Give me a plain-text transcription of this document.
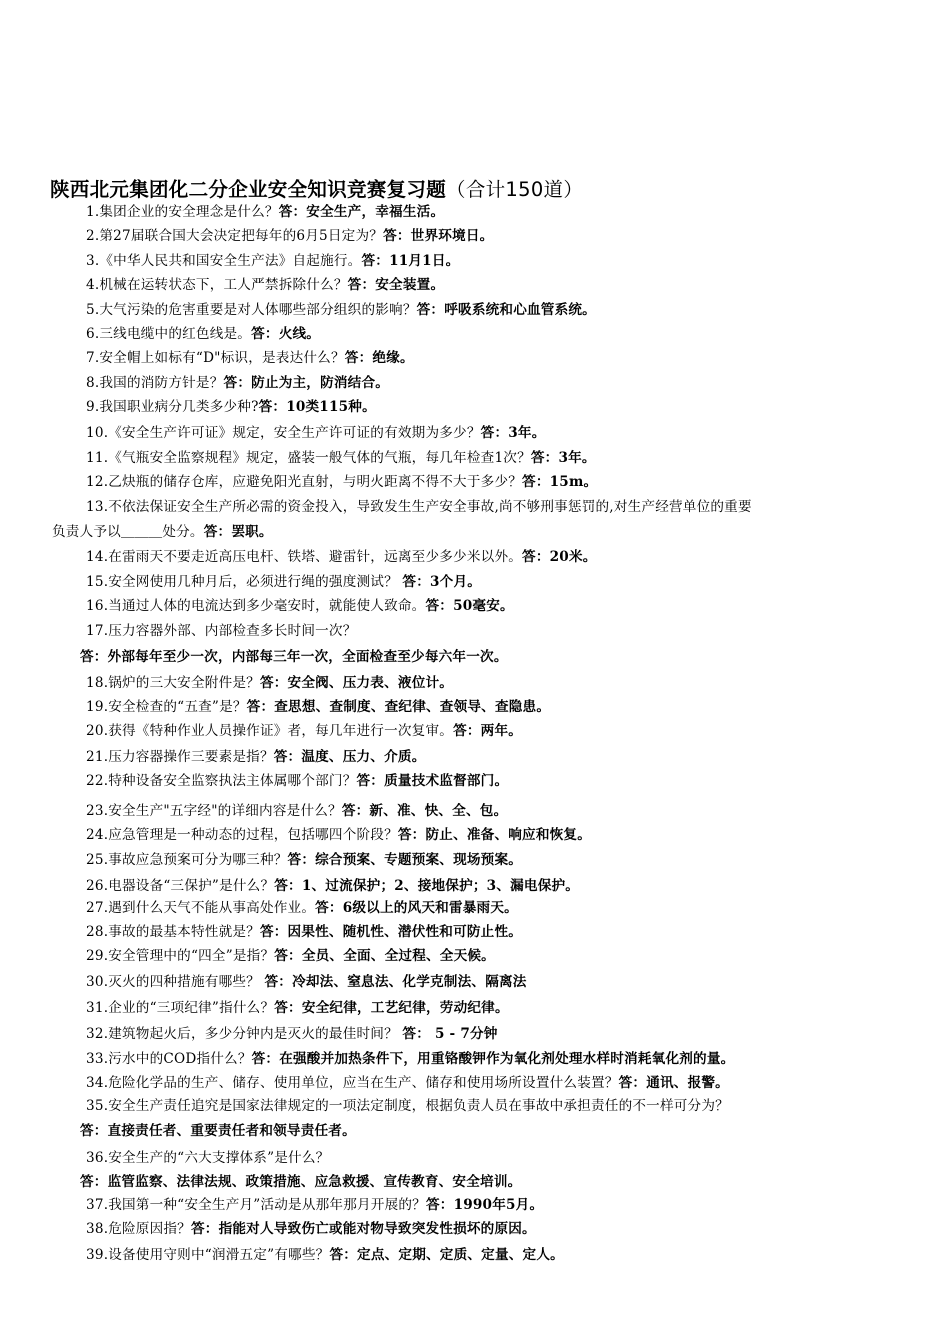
陕西北元集团化二分企业安全知识竞赛复习题（合计150道）
1.集团企业的安全理念是什么？答：安全生产，幸福生活。
2.第27届联合国大会决定把每年的6月5日定为？答：世界环境日。
3.《中华人民共和国安全生产法》自起施行。答：11月1日。
4.机械在运转状态下，工人严禁拆除什么？答：安全装置。
5.大气污染的危害重要是对人体哪些部分组织的影响？答：呼吸系统和心血管系统。
6.三线电缆中的红色线是。答：火线。
7.安全帽上如标有“D"标识，是表达什么？答：绝缘。
8.我国的消防方针是？答：防止为主，防消结合。
9.我国职业病分几类多少种?答：10类115种。
10.《安全生产许可证》规定，安全生产许可证的有效期为多少？答：3年。
11.《气瓶安全监察规程》规定，盛装一般气体的气瓶，每几年检查1次？答：3年。
12.乙炔瓶的储存仓库，应避免阳光直射，与明火距离不得不大于多少？答：15m。
13.不依法保证安全生产所必需的资金投入，导致发生生产安全事故,尚不够刑事惩罚的,对生产经营单位的重要
负责人予以＿＿＿处分。答：罢职。
14.在雷雨天不要走近高压电杆、铁塔、避雷针，远离至少多少米以外。答：20米。
15.安全网使用几种月后，必须进行绳的强度测试？ 答：3个月。
16.当通过人体的电流达到多少毫安时，就能使人致命。答：50毫安。
17.压力容器外部、内部检查多长时间一次？
答：外部每年至少一次，内部每三年一次，全面检查至少每六年一次。
18.锅炉的三大安全附件是？答：安全阀、压力表、液位计。
19.安全检查的“五查”是？答：查思想、查制度、查纪律、查领导、查隐患。
20.获得《特种作业人员操作证》者，每几年进行一次复审。答：两年。
21.压力容器操作三要素是指？答：温度、压力、介质。
22.特种设备安全监察执法主体属哪个部门？答：质量技术监督部门。
23.安全生产"五字经"的详细内容是什么？答：新、准、快、全、包。
24.应急管理是一种动态的过程，包括哪四个阶段？答：防止、准备、响应和恢复。
25.事故应急预案可分为哪三种？答：综合预案、专题预案、现场预案。
26.电器设备“三保护”是什么？答：1、过流保护；2、接地保护；3、漏电保护。
27.遇到什么天气不能从事高处作业。答：6级以上的风天和雷暴雨天。
28.事故的最基本特性就是？答：因果性、随机性、潜伏性和可防止性。
29.安全管理中的“四全”是指？答：全员、全面、全过程、全天候。
30.灭火的四种措施有哪些？ 答：冷却法、窒息法、化学克制法、隔离法
31.企业的“三项纪律”指什么？答：安全纪律，工艺纪律，劳动纪律。
32.建筑物起火后，多少分钟内是灭火的最佳时间？ 答： 5 - 7分钟
33.污水中的COD指什么？答：在强酸并加热条件下，用重铬酸钾作为氧化剂处理水样时消耗氧化剂的量。
34.危险化学品的生产、储存、使用单位，应当在生产、储存和使用场所设置什么装置？答：通讯、报警。
35.安全生产责任追究是国家法律规定的一项法定制度，根据负责人员在事故中承担责任的不一样可分为？
答：直接责任者、重要责任者和领导责任者。
36.安全生产的“六大支撑体系”是什么？
答：监管监察、法律法规、政策措施、应急救援、宣传教育、安全培训。
37.我国第一种“安全生产月”活动是从那年那月开展的？答：1990年5月。
38.危险原因指？答：指能对人导致伤亡或能对物导致突发性损坏的原因。
39.设备使用守则中“润滑五定”有哪些？答：定点、定期、定质、定量、定人。
